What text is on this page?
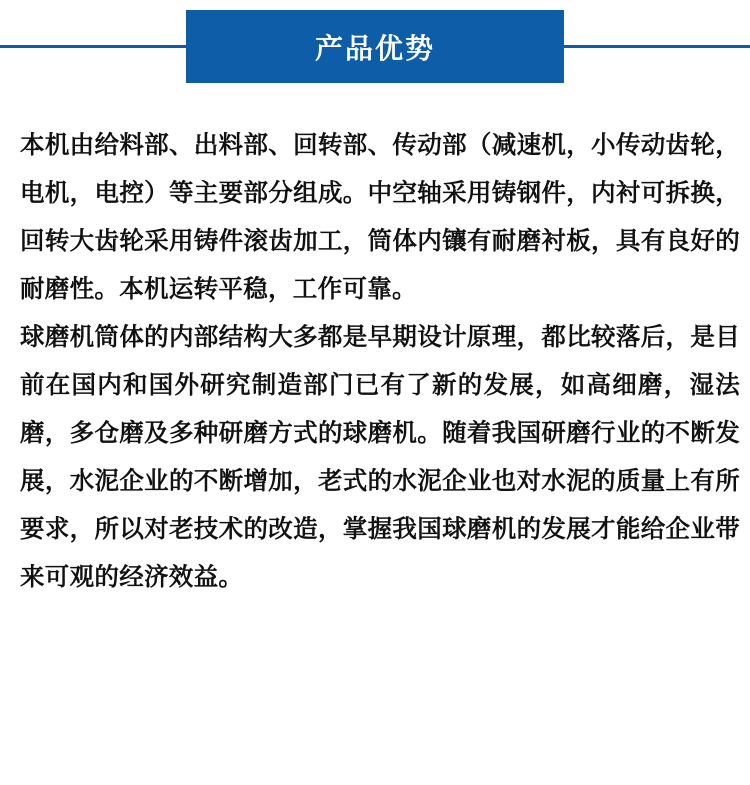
产品优势

本机由给料部、出料部、回转部、传动部（减速机，小传动齿轮，电机，电控）等主要部分组成。中空轴采用铸钢件，内衬可拆换，回转大齿轮采用铸件滚齿加工，筒体内镶有耐磨衬板，具有良好的耐磨性。本机运转平稳，工作可靠。

球磨机筒体的内部结构大多都是早期设计原理，都比较落后，是目前在国内和国外研究制造部门已有了新的发展，如高细磨，湿法磨，多仓磨及多种研磨方式的球磨机。随着我国研磨行业的不断发展，水泥企业的不断增加，老式的水泥企业也对水泥的质量上有所要求，所以对老技术的改造，掌握我国球磨机的发展才能给企业带来可观的经济效益。
